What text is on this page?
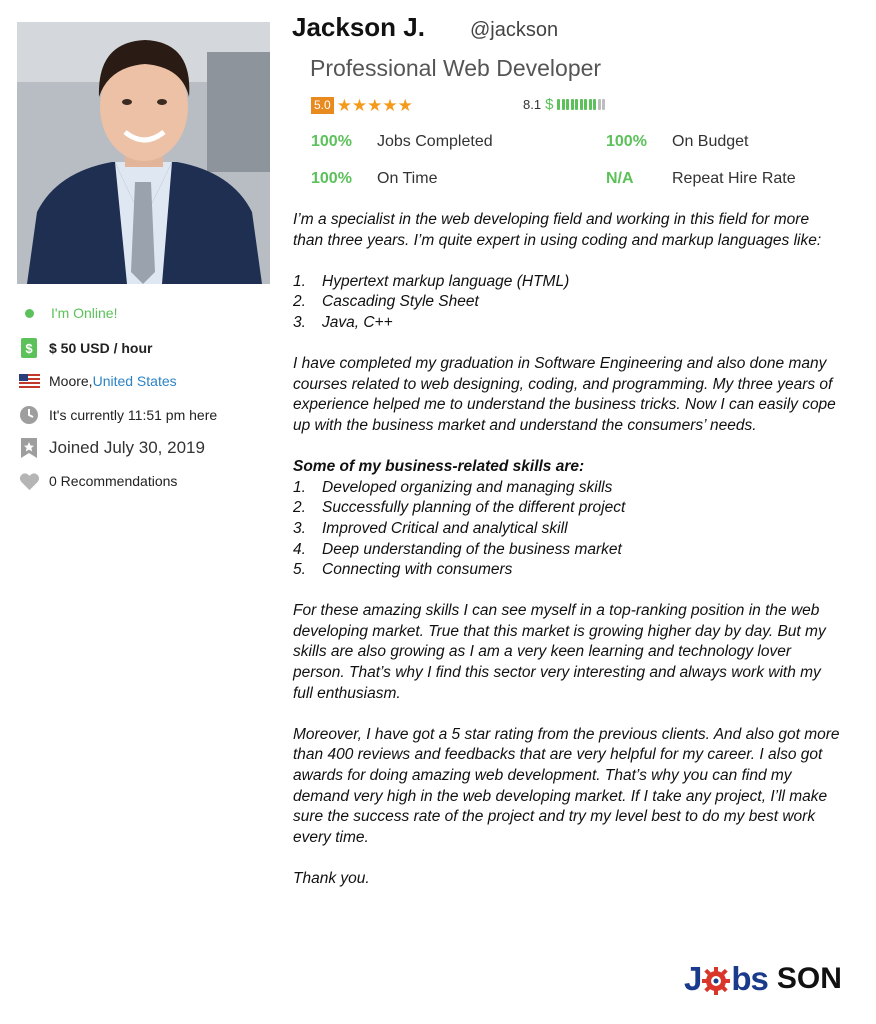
I'm Online!
$	$ 50 USD / hour
Moore, United States
It's currently 11:51 pm here
Joined July 30, 2019
0 Recommendations
Jackson J. @jackson
Professional Web Developer
5.0 ★★★★★	8.1 $
100% Jobs Completed	100% On Budget
100% On Time	N/A Repeat Hire Rate

I’m a specialist in the web developing field and working in this field for more than three years. I’m quite expert in using coding and markup languages like:

1.	Hypertext markup language (HTML)
2.	Cascading Style Sheet
3.	Java, C++

I have completed my graduation in Software Engineering and also done many courses related to web designing, coding, and programming. My three years of experience helped me to understand the business tricks. Now I can easily cope up with the business market and understand the consumers’ needs.

Some of my business-related skills are:

1.	Developed organizing and managing skills
2.	Successfully planning of the different project
3.	Improved Critical and analytical skill
4.	Deep understanding of the business market
5.	Connecting with consumers

For these amazing skills I can see myself in a top-ranking position in the web developing market. True that this market is growing higher day by day. But my skills are also growing as I am a very keen learning and technology lover person. That’s why I find this sector very interesting and always work with my full enthusiasm.

Moreover, I have got a 5 star rating from the previous clients. And also got more than 400 reviews and feedbacks that are very helpful for my career. I also got awards for doing amazing web development. That’s why you can find my demand very high in the web developing market. If I take any project, I’ll make sure the success rate of the project and try my level best to do my best work every time.

Thank you.

J bs SON
